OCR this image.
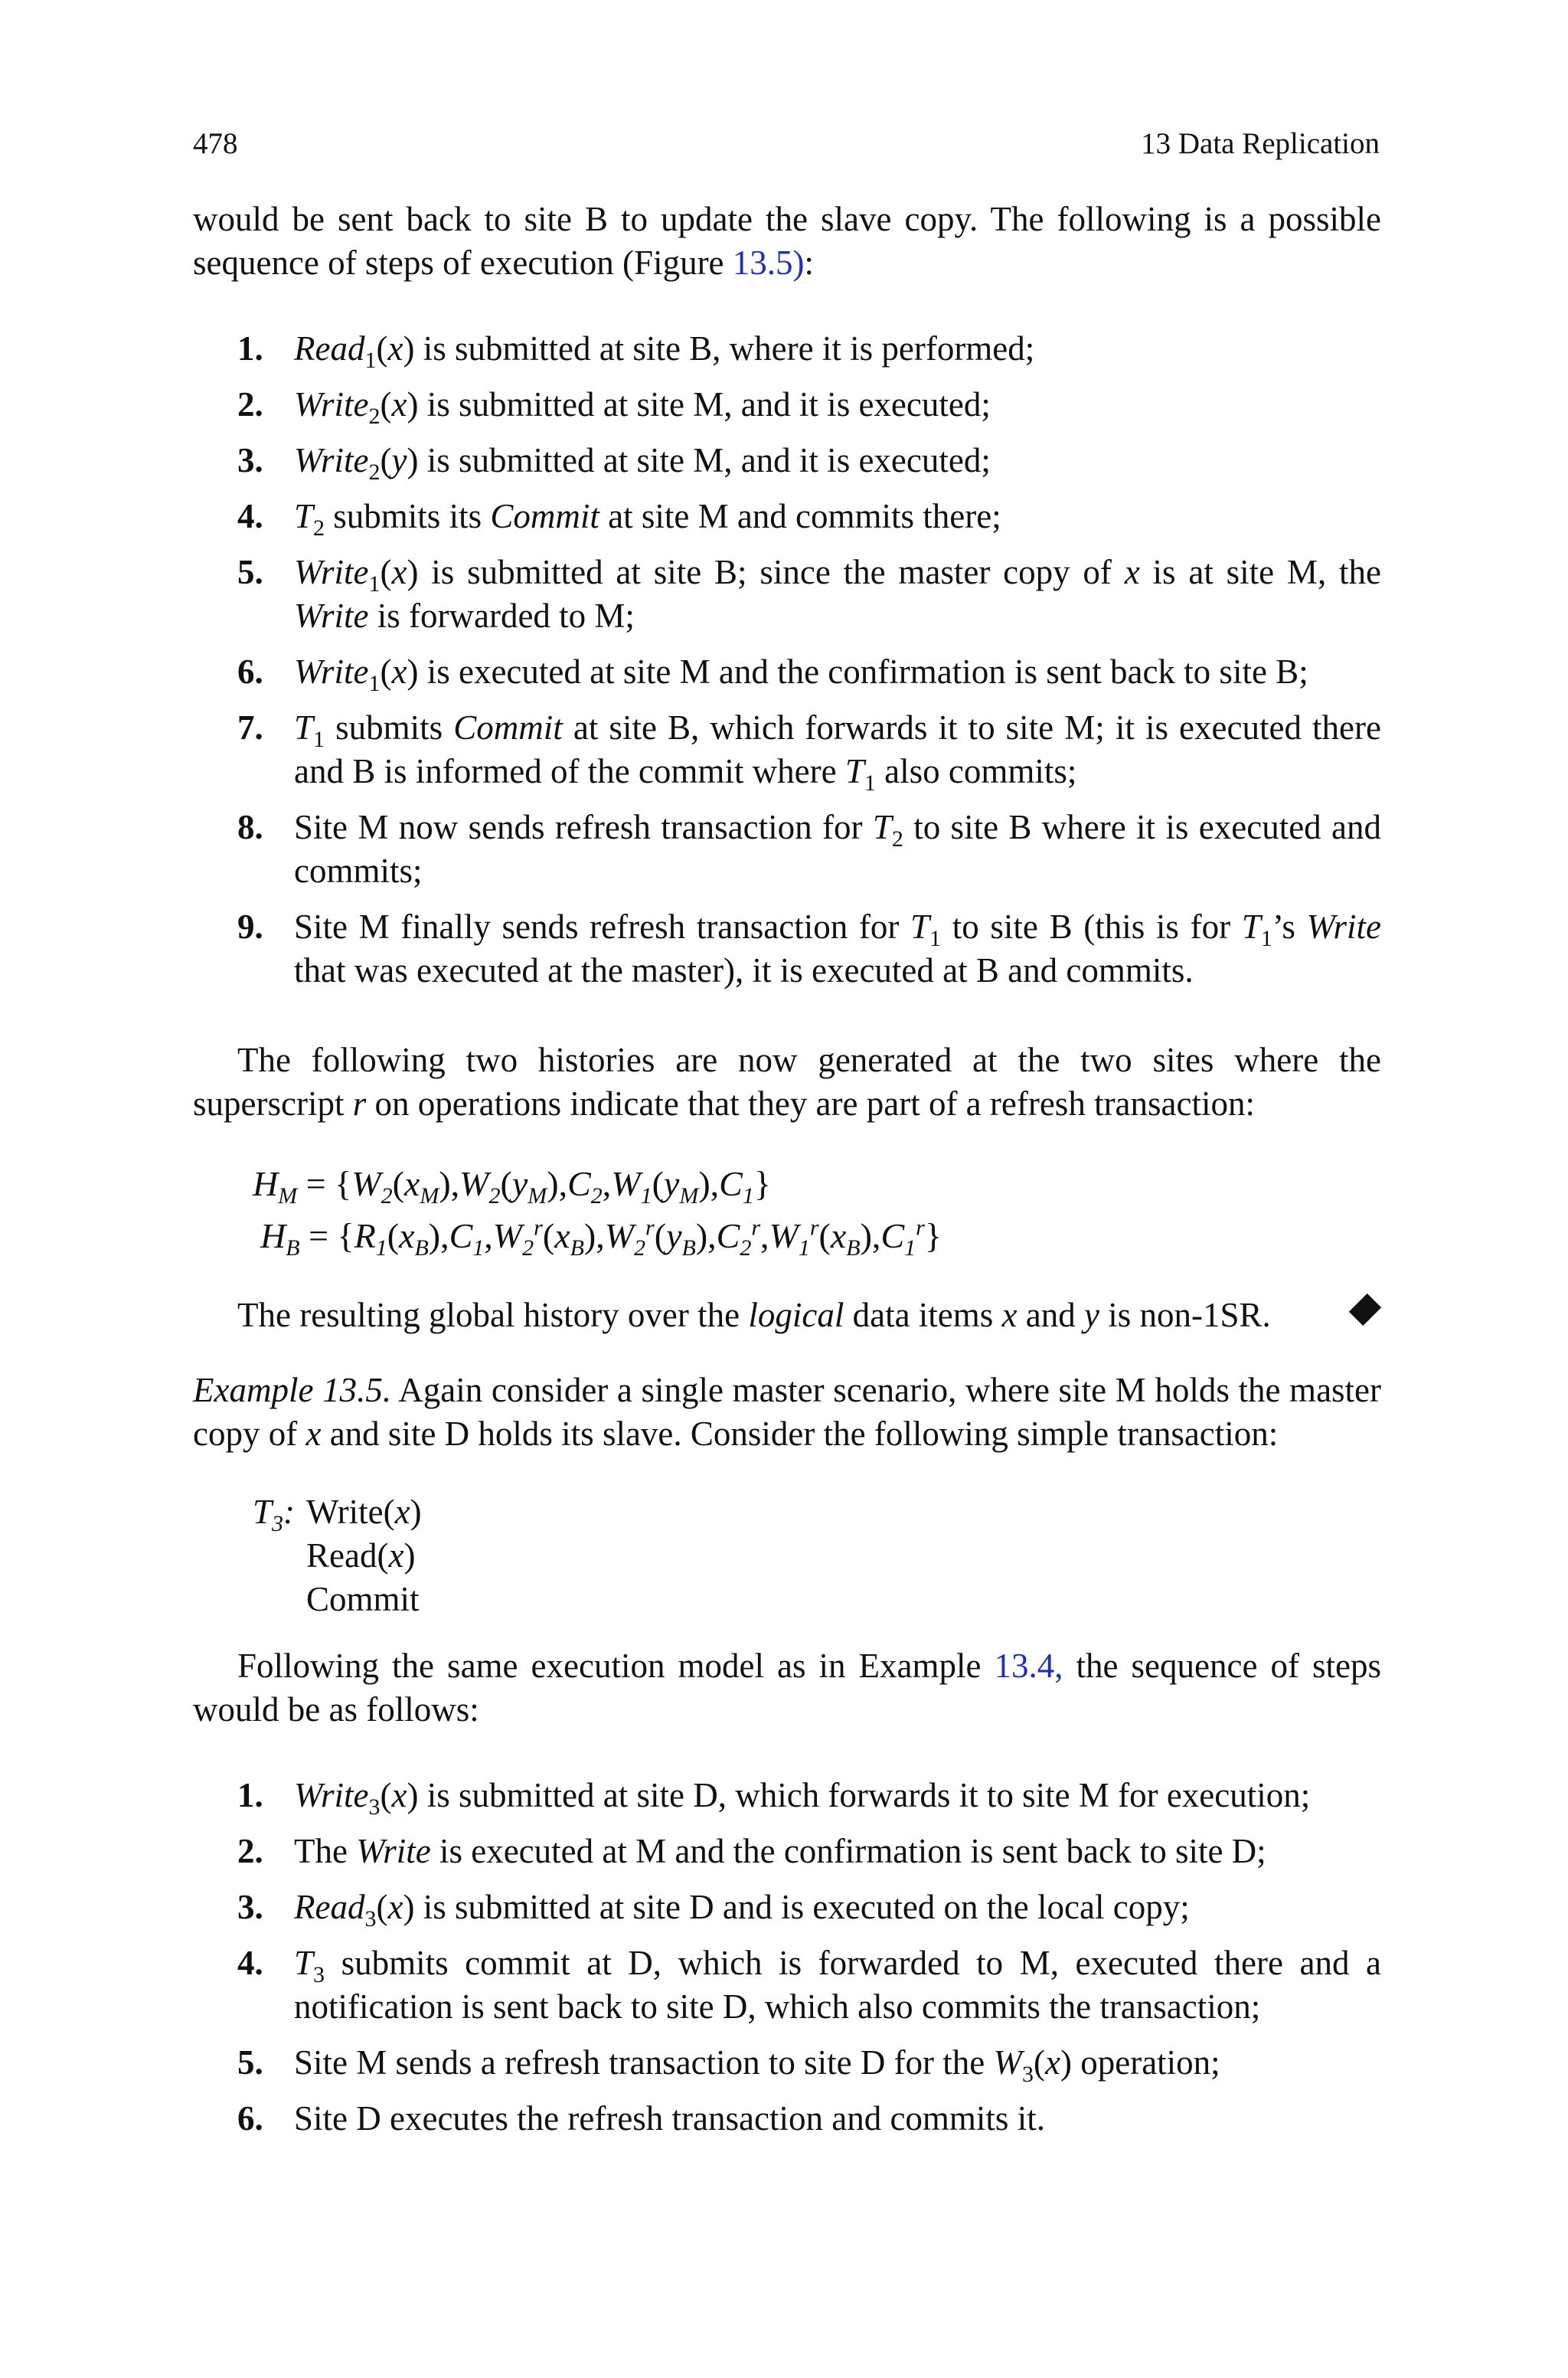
478	13 Data Replication

would be sent back to site B to update the slave copy. The following is a possible sequence of steps of execution (Figure 13.5):

1. Read$_1$(x) is submitted at site B, where it is performed;
2. Write$_2$(x) is submitted at site M, and it is executed;
3. Write$_2$(y) is submitted at site M, and it is executed;
4. $T_2$ submits its Commit at site M and commits there;
5. Write$_1$(x) is submitted at site B; since the master copy of x is at site M, the Write is forwarded to M;
6. Write$_1$(x) is executed at site M and the confirmation is sent back to site B;
7. $T_1$ submits Commit at site B, which forwards it to site M; it is executed there and B is informed of the commit where $T_1$ also commits;
8. Site M now sends refresh transaction for $T_2$ to site B where it is executed and commits;
9. Site M finally sends refresh transaction for $T_1$ to site B (this is for $T_1’s$ Write that was executed at the master), it is executed at B and commits.

The following two histories are now generated at the two sites where the superscript r on operations indicate that they are part of a refresh transaction:

$H_M = \{W_2(x_M),W_2(y_M),C_2,W_1(y_M),C_1\}$
$H_B = \{R_1(x_B),C_1,W_2^r(x_B),W_2^r(y_B),C_2^r,W_1^r(x_B),C_1^r\}$

The resulting global history over the logical data items x and y is non-1SR.

Example 13.5. Again consider a single master scenario, where site M holds the master copy of x and site D holds its slave. Consider the following simple transaction:

$T_3$: Write(x)
Read(x)
Commit

Following the same execution model as in Example 13.4, the sequence of steps would be as follows:

1. Write$_3$(x) is submitted at site D, which forwards it to site M for execution;
2. The Write is executed at M and the confirmation is sent back to site D;
3. Read$_3$(x) is submitted at site D and is executed on the local copy;
4. $T_3$ submits commit at D, which is forwarded to M, executed there and a notification is sent back to site D, which also commits the transaction;
5. Site M sends a refresh transaction to site D for the $W_3(x)$ operation;
6. Site D executes the refresh transaction and commits it.
